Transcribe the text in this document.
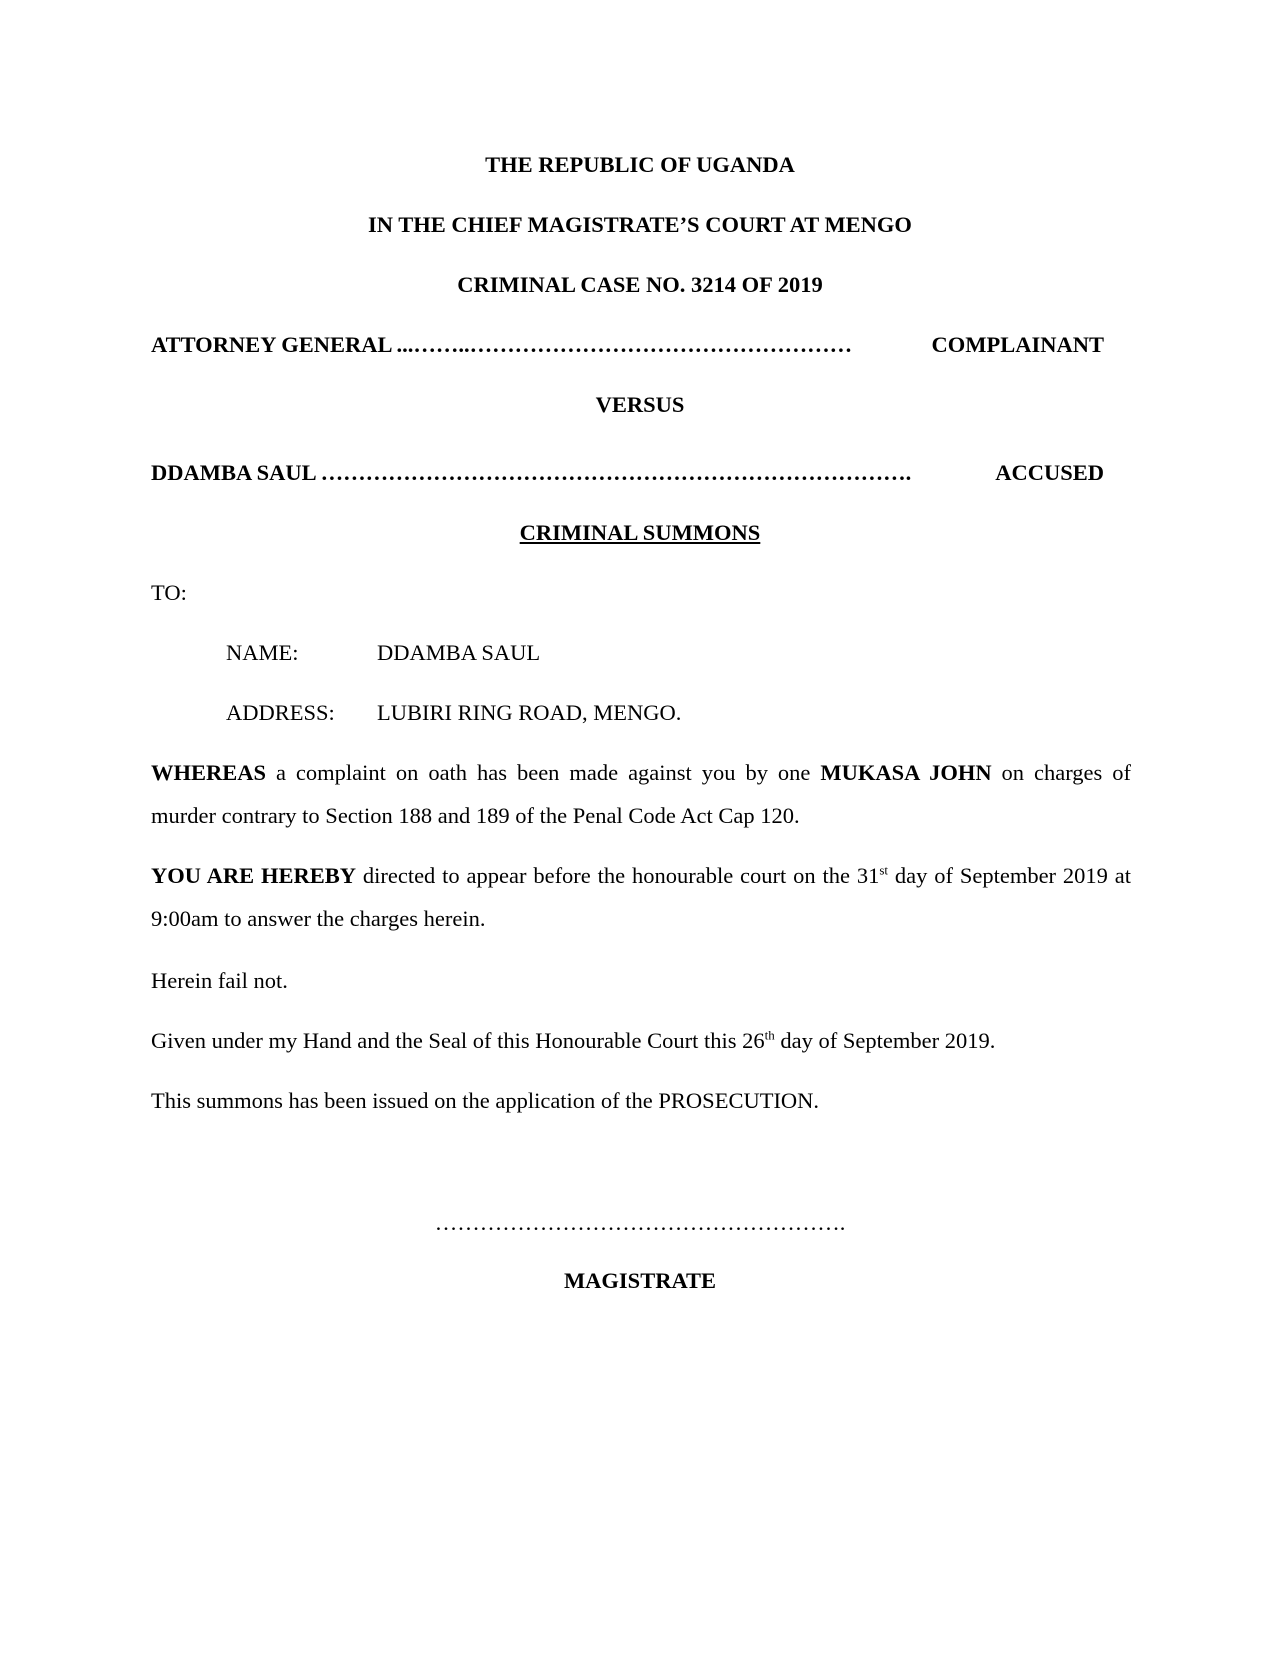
THE REPUBLIC OF UGANDA
IN THE CHIEF MAGISTRATE’S COURT AT MENGO
CRIMINAL CASE NO. 3214 OF 2019
ATTORNEY GENERAL ...……..……………………………………………	COMPLAINANT
VERSUS
DDAMBA SAUL …………………………………………………………………….	ACCUSED
CRIMINAL SUMMONS
TO:
NAME:	DDAMBA SAUL
ADDRESS: LUBIRI RING ROAD, MENGO.
WHEREAS a complaint on oath has been made against you by one MUKASA JOHN on charges of murder contrary to Section 188 and 189 of the Penal Code Act Cap 120.
YOU ARE HEREBY directed to appear before the honourable court on the 31st day of September 2019 at 9:00am to answer the charges herein.
Herein fail not.
Given under my Hand and the Seal of this Honourable Court this 26th day of September 2019.
This summons has been issued on the application of the PROSECUTION.
……………………………………………….
MAGISTRATE
